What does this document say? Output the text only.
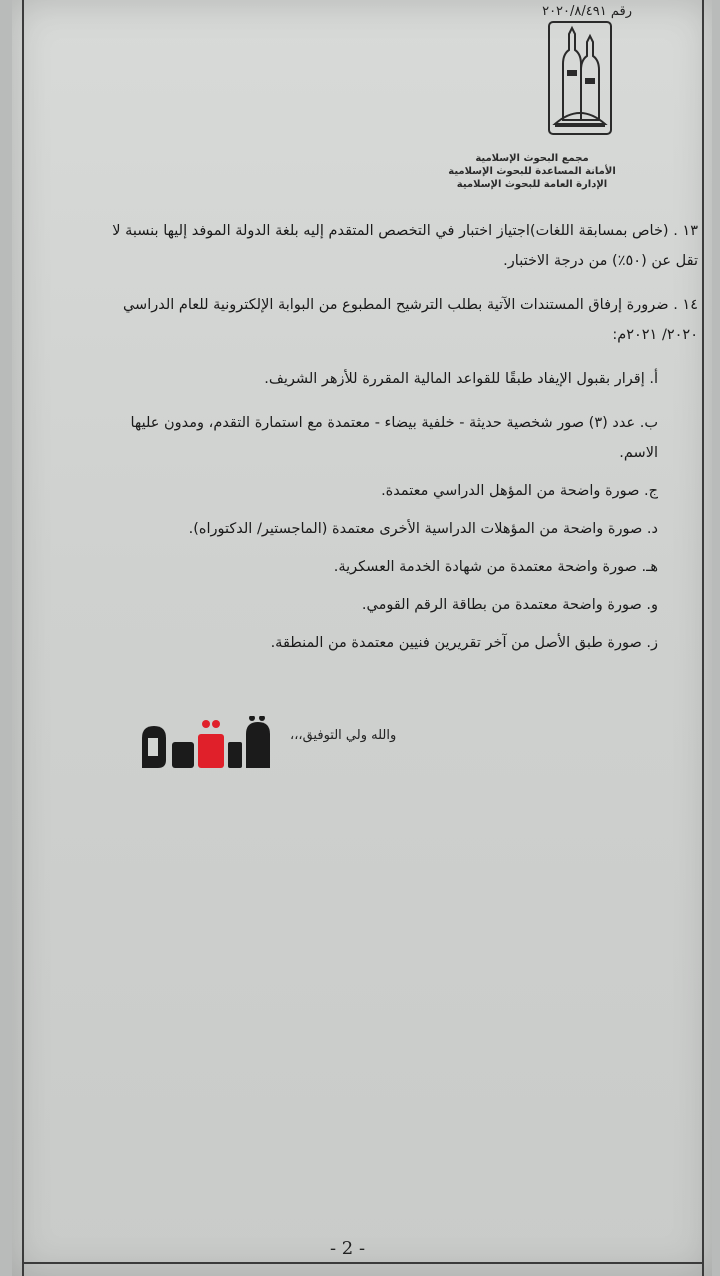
رقم ٢٠٢٠/٨/٤٩١
مجمع البحوث الإسلامية
الأمانة المساعدة للبحوث الإسلامية
الإدارة العامة للبحوث الإسلامية
١٣ . (خاص بمسابقة اللغات)اجتياز اختبار في التخصص المتقدم إليه بلغة الدولة الموفد إليها بنسبة لا
تقل عن (٥٠٪) من درجة الاختبار.
١٤ . ضرورة إرفاق المستندات الآتية بطلب الترشيح المطبوع من البوابة الإلكترونية للعام الدراسي
٢٠٢٠/ ٢٠٢١م:
أ. إقرار بقبول الإيفاد طبقًا للقواعد المالية المقررة للأزهر الشريف.
ب. عدد (٣) صور شخصية حديثة - خلفية بيضاء - معتمدة مع استمارة التقدم، ومدون عليها
الاسم.
ج. صورة واضحة من المؤهل الدراسي معتمدة.
د. صورة واضحة من المؤهلات الدراسية الأخرى معتمدة (الماجستير/ الدكتوراه).
هـ. صورة واضحة معتمدة من شهادة الخدمة العسكرية.
و. صورة واضحة معتمدة من بطاقة الرقم القومي.
ز. صورة طبق الأصل من آخر تقريرين فنيين معتمدة من المنطقة.
والله ولي التوفيق،،،
- 2 -
